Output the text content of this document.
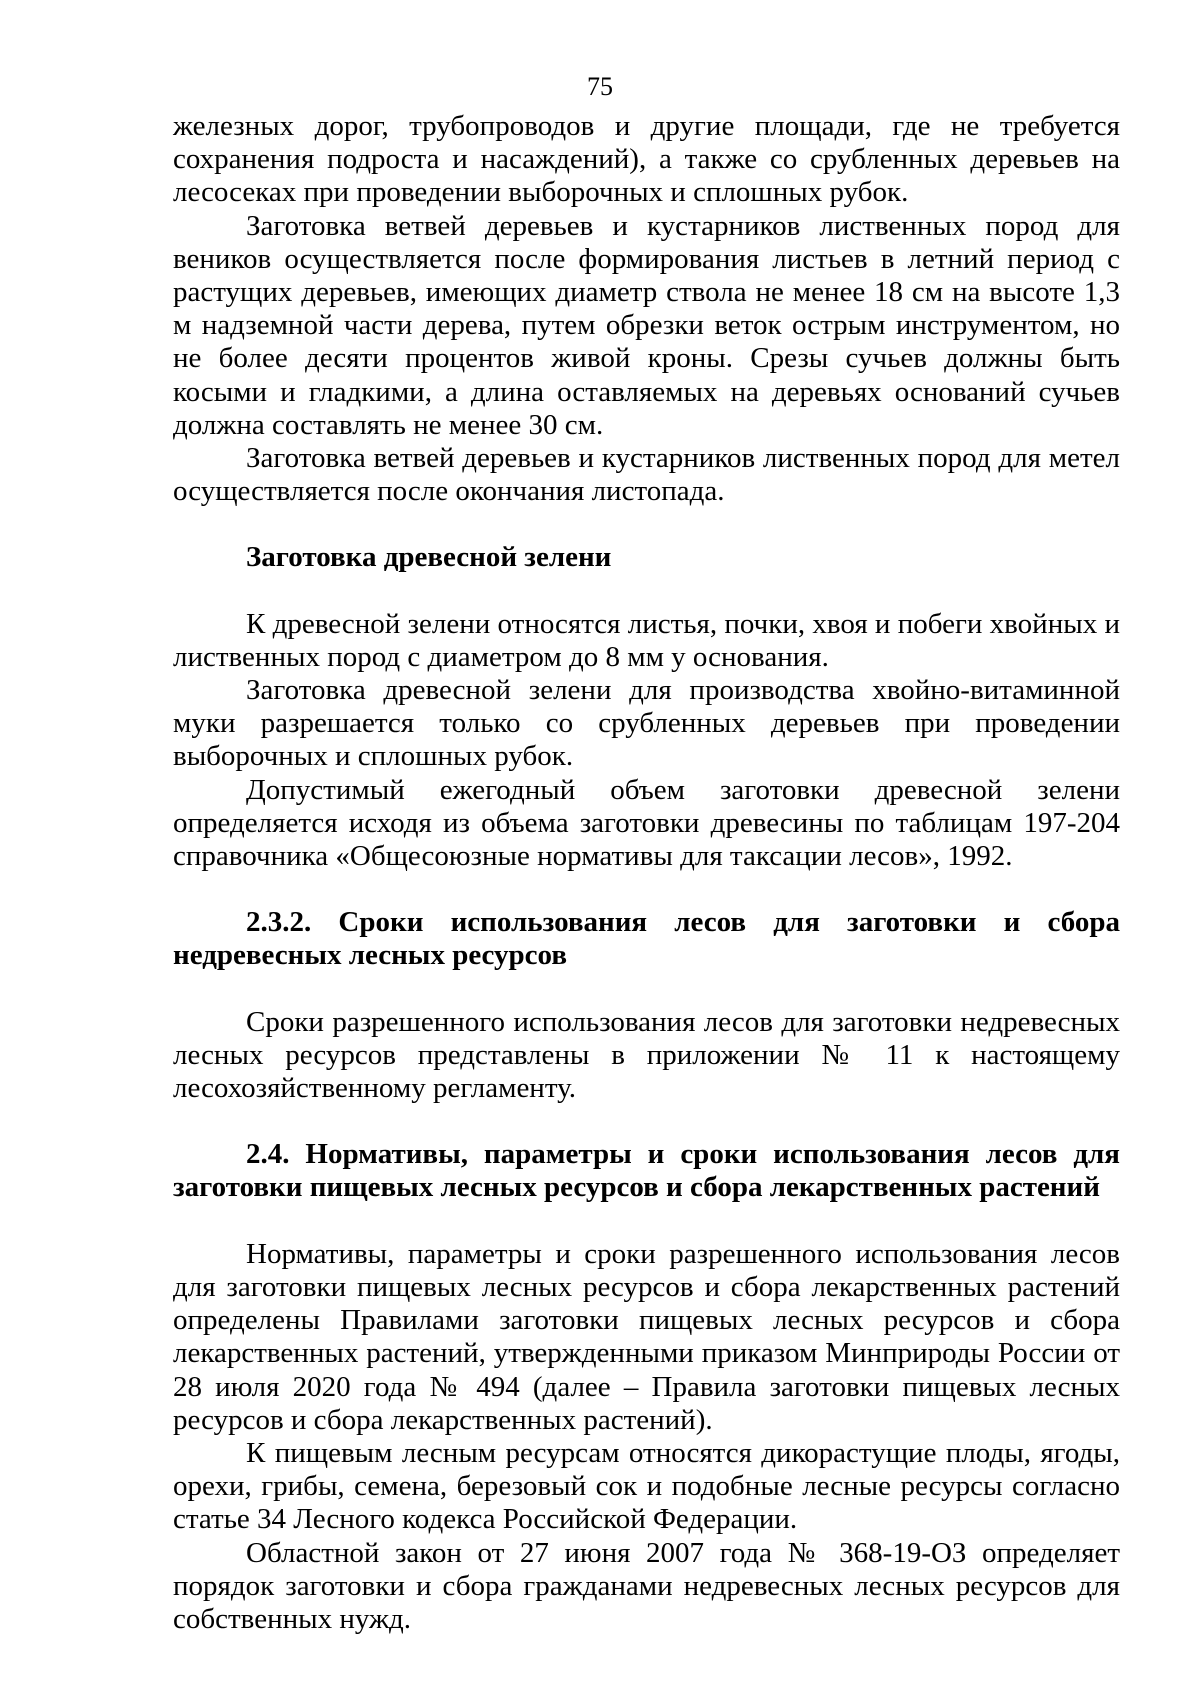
75

железных дорог, трубопроводов и другие площади, где не требуется сохранения подроста и насаждений), а также со срубленных деревьев на лесосеках при проведении выборочных и сплошных рубок.

Заготовка ветвей деревьев и кустарников лиственных пород для веников осуществляется после формирования листьев в летний период с растущих деревьев, имеющих диаметр ствола не менее 18 см на высоте 1,3 м надземной части дерева, путем обрезки веток острым инструментом, но не более десяти процентов живой кроны. Срезы сучьев должны быть косыми и гладкими, а длина оставляемых на деревьях оснований сучьев должна составлять не менее 30 см.

Заготовка ветвей деревьев и кустарников лиственных пород для метел осуществляется после окончания листопада.

Заготовка древесной зелени

К древесной зелени относятся листья, почки, хвоя и побеги хвойных и лиственных пород с диаметром до 8 мм у основания.

Заготовка древесной зелени для производства хвойно-витаминной муки разрешается только со срубленных деревьев при проведении выборочных и сплошных рубок.

Допустимый ежегодный объем заготовки древесной зелени определяется исходя из объема заготовки древесины по таблицам 197-204 справочника «Общесоюзные нормативы для таксации лесов», 1992.

2.3.2. Сроки использования лесов для заготовки и сбора недревесных лесных ресурсов

Сроки разрешенного использования лесов для заготовки недревесных лесных ресурсов представлены в приложении № 11 к настоящему лесохозяйственному регламенту.

2.4. Нормативы, параметры и сроки использования лесов для заготовки пищевых лесных ресурсов и сбора лекарственных растений

Нормативы, параметры и сроки разрешенного использования лесов для заготовки пищевых лесных ресурсов и сбора лекарственных растений определены Правилами заготовки пищевых лесных ресурсов и сбора лекарственных растений, утвержденными приказом Минприроды России от 28 июля 2020 года № 494 (далее – Правила заготовки пищевых лесных ресурсов и сбора лекарственных растений).

К пищевым лесным ресурсам относятся дикорастущие плоды, ягоды, орехи, грибы, семена, березовый сок и подобные лесные ресурсы согласно статье 34 Лесного кодекса Российской Федерации.

Областной закон от 27 июня 2007 года № 368-19-ОЗ определяет порядок заготовки и сбора гражданами недревесных лесных ресурсов для собственных нужд.
